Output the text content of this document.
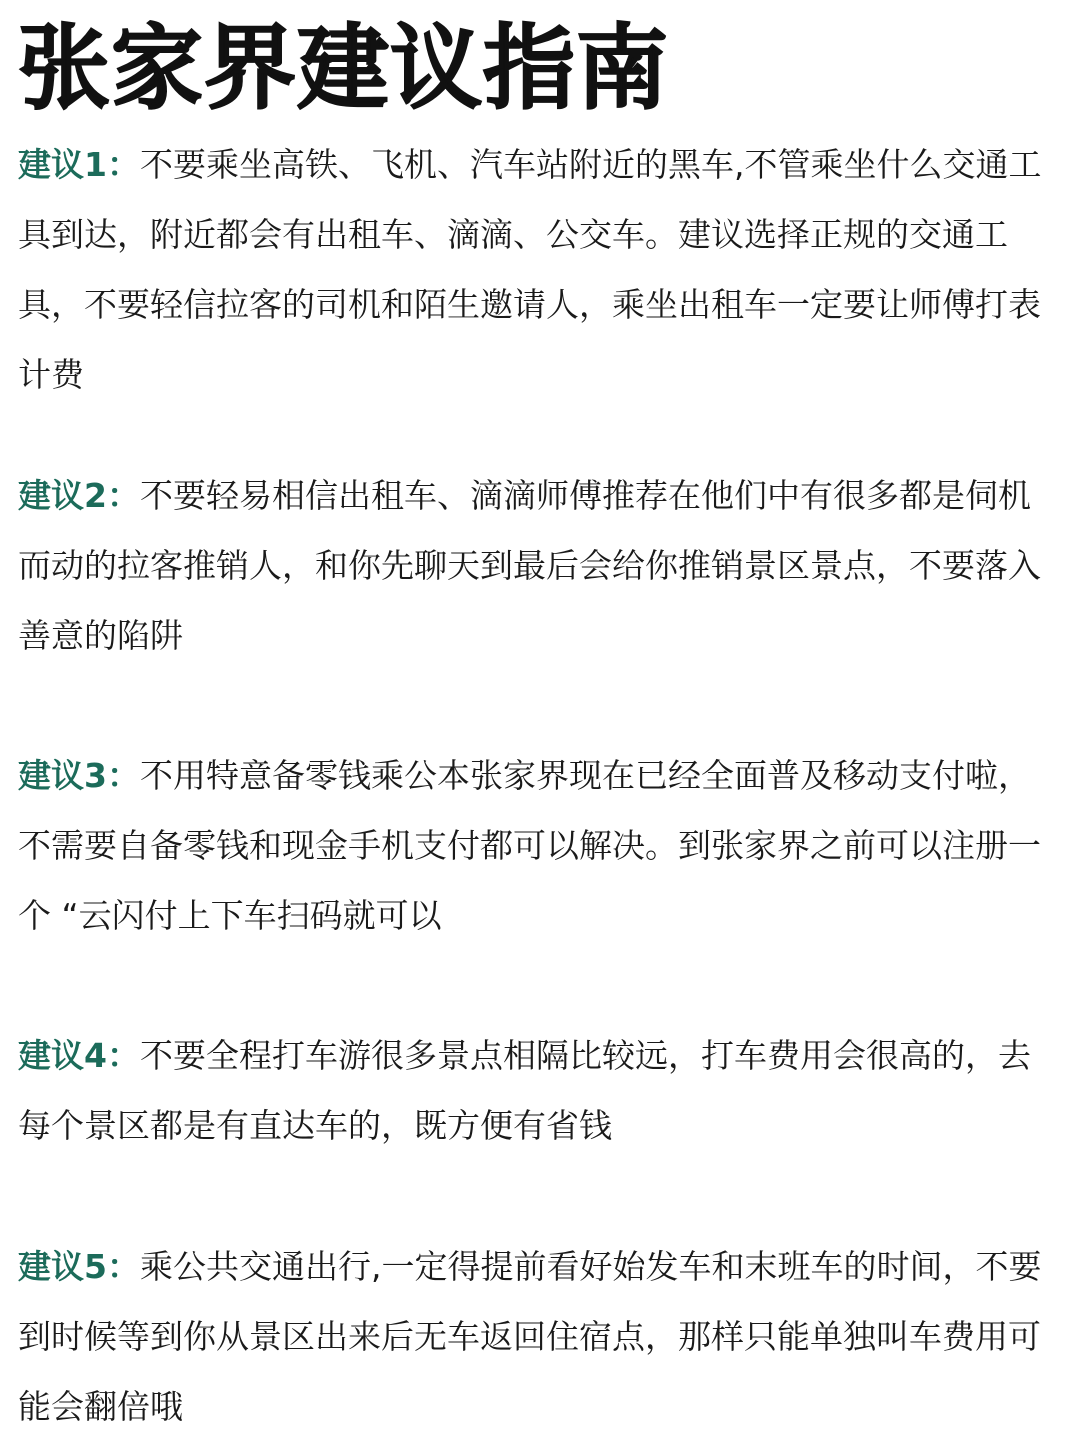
张家界建议指南

建议1：不要乘坐高铁、飞机、汽车站附近的黑车,不管乘坐什么交通工具到达，附近都会有出租车、滴滴、公交车。建议选择正规的交通工具，不要轻信拉客的司机和陌生邀请人，乘坐出租车一定要让师傅打表计费

建议2：不要轻易相信出租车、滴滴师傅推荐在他们中有很多都是伺机而动的拉客推销人，和你先聊天到最后会给你推销景区景点，不要落入善意的陷阱

建议3：不用特意备零钱乘公本张家界现在已经全面普及移动支付啦，不需要自备零钱和现金手机支付都可以解决。到张家界之前可以注册一个 “云闪付上下车扫码就可以

建议4：不要全程打车游很多景点相隔比较远，打车费用会很高的，去每个景区都是有直达车的，既方便有省钱

建议5：乘公共交通出行,一定得提前看好始发车和末班车的时间，不要到时候等到你从景区出来后无车返回住宿点，那样只能单独叫车费用可能会翻倍哦
